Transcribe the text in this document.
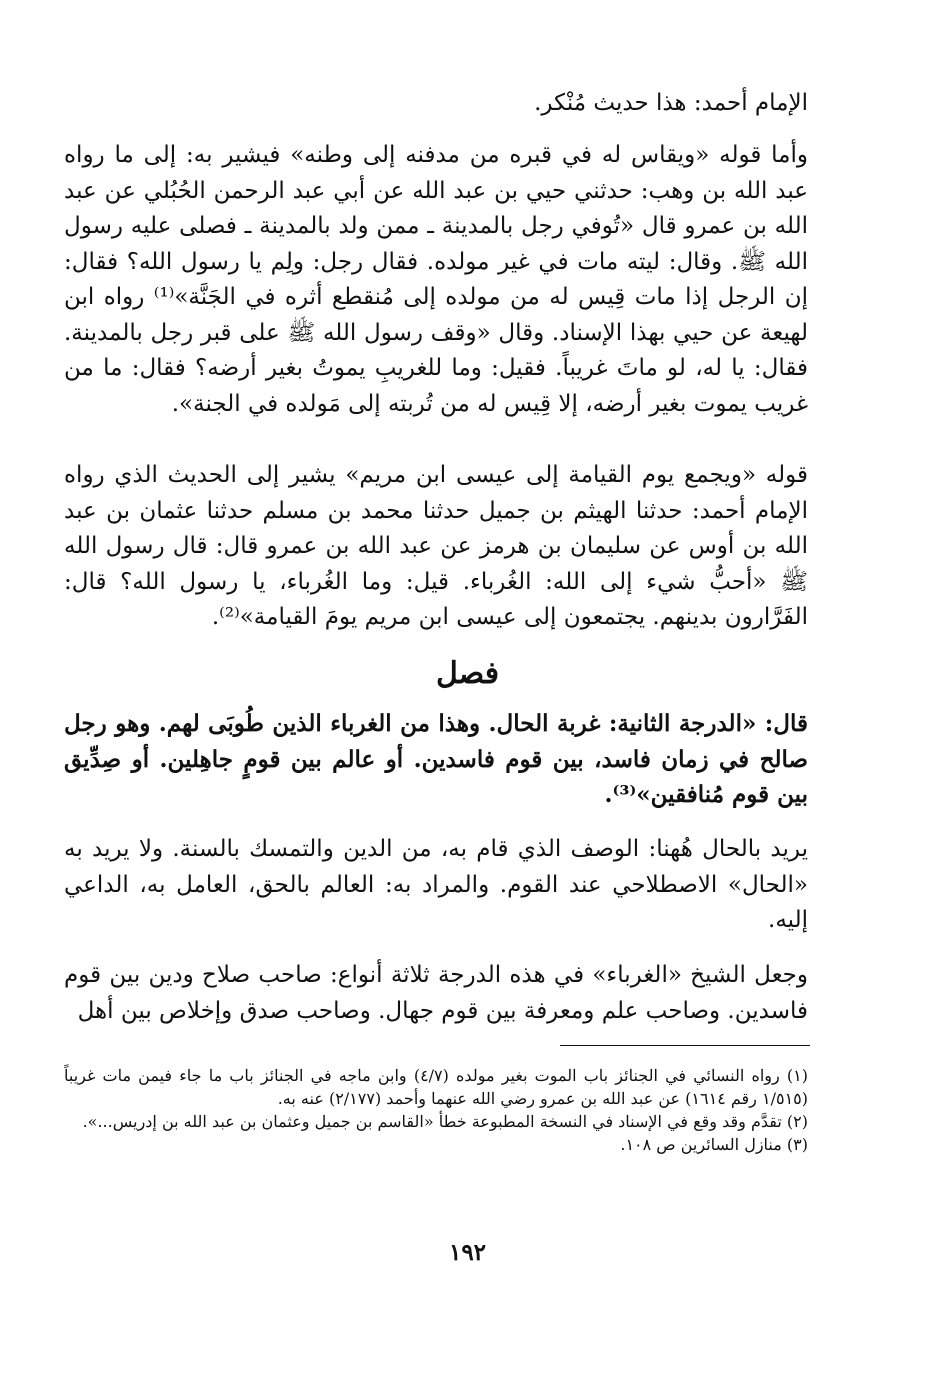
الإمام أحمد: هذا حديث مُنْكر.

وأما قوله «ويقاس له في قبره من مدفنه إلى وطنه» فيشير به: إلى ما رواه عبد الله بن وهب: حدثني حيي بن عبد الله عن أبي عبد الرحمن الحُبُلي عن عبد الله بن عمرو قال «تُوفي رجل بالمدينة ـ ممن ولد بالمدينة ـ فصلى عليه رسول الله ﷺ. وقال: ليته مات في غير مولده. فقال رجل: ولِم يا رسول الله؟ فقال: إن الرجل إذا مات قِيس له من مولده إلى مُنقطع أثره في الجَنَّة»⁽¹⁾ رواه ابن لهيعة عن حيي بهذا الإسناد. وقال «وقف رسول الله ﷺ على قبر رجل بالمدينة. فقال: يا له، لو ماتَ غريباً. فقيل: وما للغريبِ يموتُ بغير أرضه؟ فقال: ما من غريب يموت بغير أرضه، إلا قِيس له من تُربته إلى مَولده في الجنة».

قوله «ويجمع يوم القيامة إلى عيسى ابن مريم» يشير إلى الحديث الذي رواه الإمام أحمد: حدثنا الهيثم بن جميل حدثنا محمد بن مسلم حدثنا عثمان بن عبد الله بن أوس عن سليمان بن هرمز عن عبد الله بن عمرو قال: قال رسول الله ﷺ «أحبُّ شيء إلى الله: الغُرباء. قيل: وما الغُرباء، يا رسول الله؟ قال: الفَرَّارون بدينهم. يجتمعون إلى عيسى ابن مريم يومَ القيامة»⁽²⁾.

فصل

قال: «الدرجة الثانية: غربة الحال. وهذا من الغرباء الذين طُوبَى لهم. وهو رجل صالح في زمان فاسد، بين قوم فاسدين. أو عالم بين قومٍ جاهِلين. أو صِدِّيق بين قوم مُنافقين»⁽³⁾.

يريد بالحال هُهنا: الوصف الذي قام به، من الدين والتمسك بالسنة. ولا يريد به «الحال» الاصطلاحي عند القوم. والمراد به: العالم بالحق، العامل به، الداعي إليه.

وجعل الشيخ «الغرباء» في هذه الدرجة ثلاثة أنواع: صاحب صلاح ودين بين قوم فاسدين. وصاحب علم ومعرفة بين قوم جهال. وصاحب صدق وإخلاص بين أهل

(١) رواه النسائي في الجنائز باب الموت بغير مولده (٤/٧) وابن ماجه في الجنائز باب ما جاء فيمن مات غريباً (١/٥١٥ رقم ١٦١٤) عن عبد الله بن عمرو رضي الله عنهما وأحمد (٢/١٧٧) عنه به.

(٢) تقدَّم وقد وقع في الإسناد في النسخة المطبوعة خطأ «القاسم بن جميل وعثمان بن عبد الله بن إدريس...».

(٣) منازل السائرين ص ١٠٨.

١٩٢
